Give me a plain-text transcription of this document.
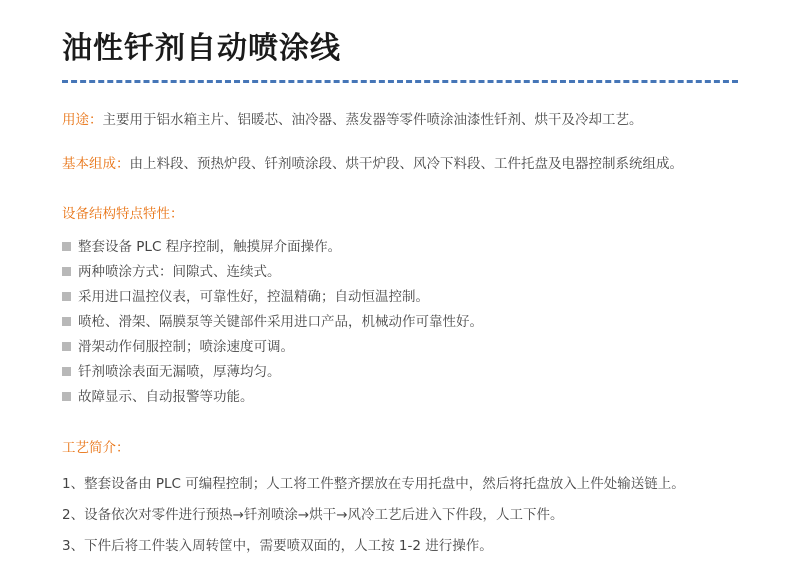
油性钎剂自动喷涂线

用途：主要用于铝水箱主片、铝暖芯、油冷器、蒸发器等零件喷涂油漆性钎剂、烘干及冷却工艺。

基本组成：由上料段、预热炉段、钎剂喷涂段、烘干炉段、风冷下料段、工件托盘及电器控制系统组成。

设备结构特点特性：
整套设备 PLC 程序控制，触摸屏介面操作。
两种喷涂方式：间隙式、连续式。
采用进口温控仪表，可靠性好，控温精确；自动恒温控制。
喷枪、滑架、隔膜泵等关键部件采用进口产品，机械动作可靠性好。
滑架动作伺服控制；喷涂速度可调。
钎剂喷涂表面无漏喷，厚薄均匀。
故障显示、自动报警等功能。
工艺简介：
1、整套设备由 PLC 可编程控制；人工将工件整齐摆放在专用托盘中，然后将托盘放入上件处输送链上。
2、设备依次对零件进行预热→钎剂喷涂→烘干→风冷工艺后进入下件段，人工下件。
3、下件后将工件装入周转筐中，需要喷双面的，人工按 1-2 进行操作。
